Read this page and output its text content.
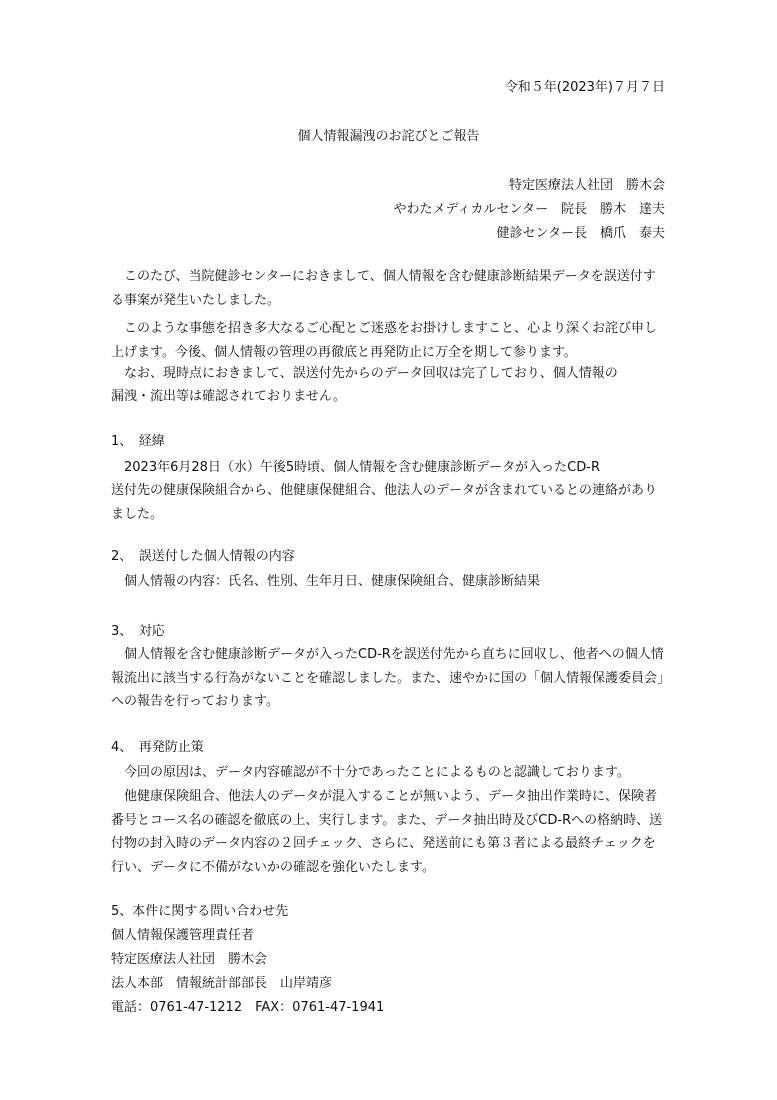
令和５年(2023年)７月７日
個人情報漏洩のお詫びとご報告
特定医療法人社団　勝木会
やわたメディカルセンター　院長　勝木　達夫
健診センター長　橋爪　泰夫
このたび、当院健診センターにおきまして、個人情報を含む健康診断結果データを誤送付する事案が発生いたしました。
このような事態を招き多大なるご心配とご迷惑をお掛けしますこと、心より深くお詫び申し上げます。今後、個人情報の管理の再徹底と再発防止に万全を期して参ります。
なお、現時点におきまして、誤送付先からのデータ回収は完了しており、個人情報の
漏洩・流出等は確認されておりません。
1、　経緯
2023年6月28日（水）午後5時頃、個人情報を含む健康診断データが入ったCD-R
送付先の健康保険組合から、他健康保健組合、他法人のデータが含まれているとの連絡がありました。
2、　誤送付した個人情報の内容
個人情報の内容：氏名、性別、生年月日、健康保険組合、健康診断結果
3、　対応
個人情報を含む健康診断データが入ったCD-Rを誤送付先から直ちに回収し、他者への個人情報流出に該当する行為がないことを確認しました。また、速やかに国の「個人情報保護委員会」への報告を行っております。
4、　再発防止策
今回の原因は、データ内容確認が不十分であったことによるものと認識しております。
他健康保険組合、他法人のデータが混入することが無いよう、データ抽出作業時に、保険者番号とコース名の確認を徹底の上、実行します。また、データ抽出時及びCD-Rへの格納時、送付物の封入時のデータ内容の２回チェック、さらに、発送前にも第３者による最終チェックを行い、データに不備がないかの確認を強化いたします。
5、本件に関する問い合わせ先
個人情報保護管理責任者
特定医療法人社団　勝木会
法人本部　情報統計部部長　山岸靖彦
電話：0761-47-1212　FAX：0761-47-1941
